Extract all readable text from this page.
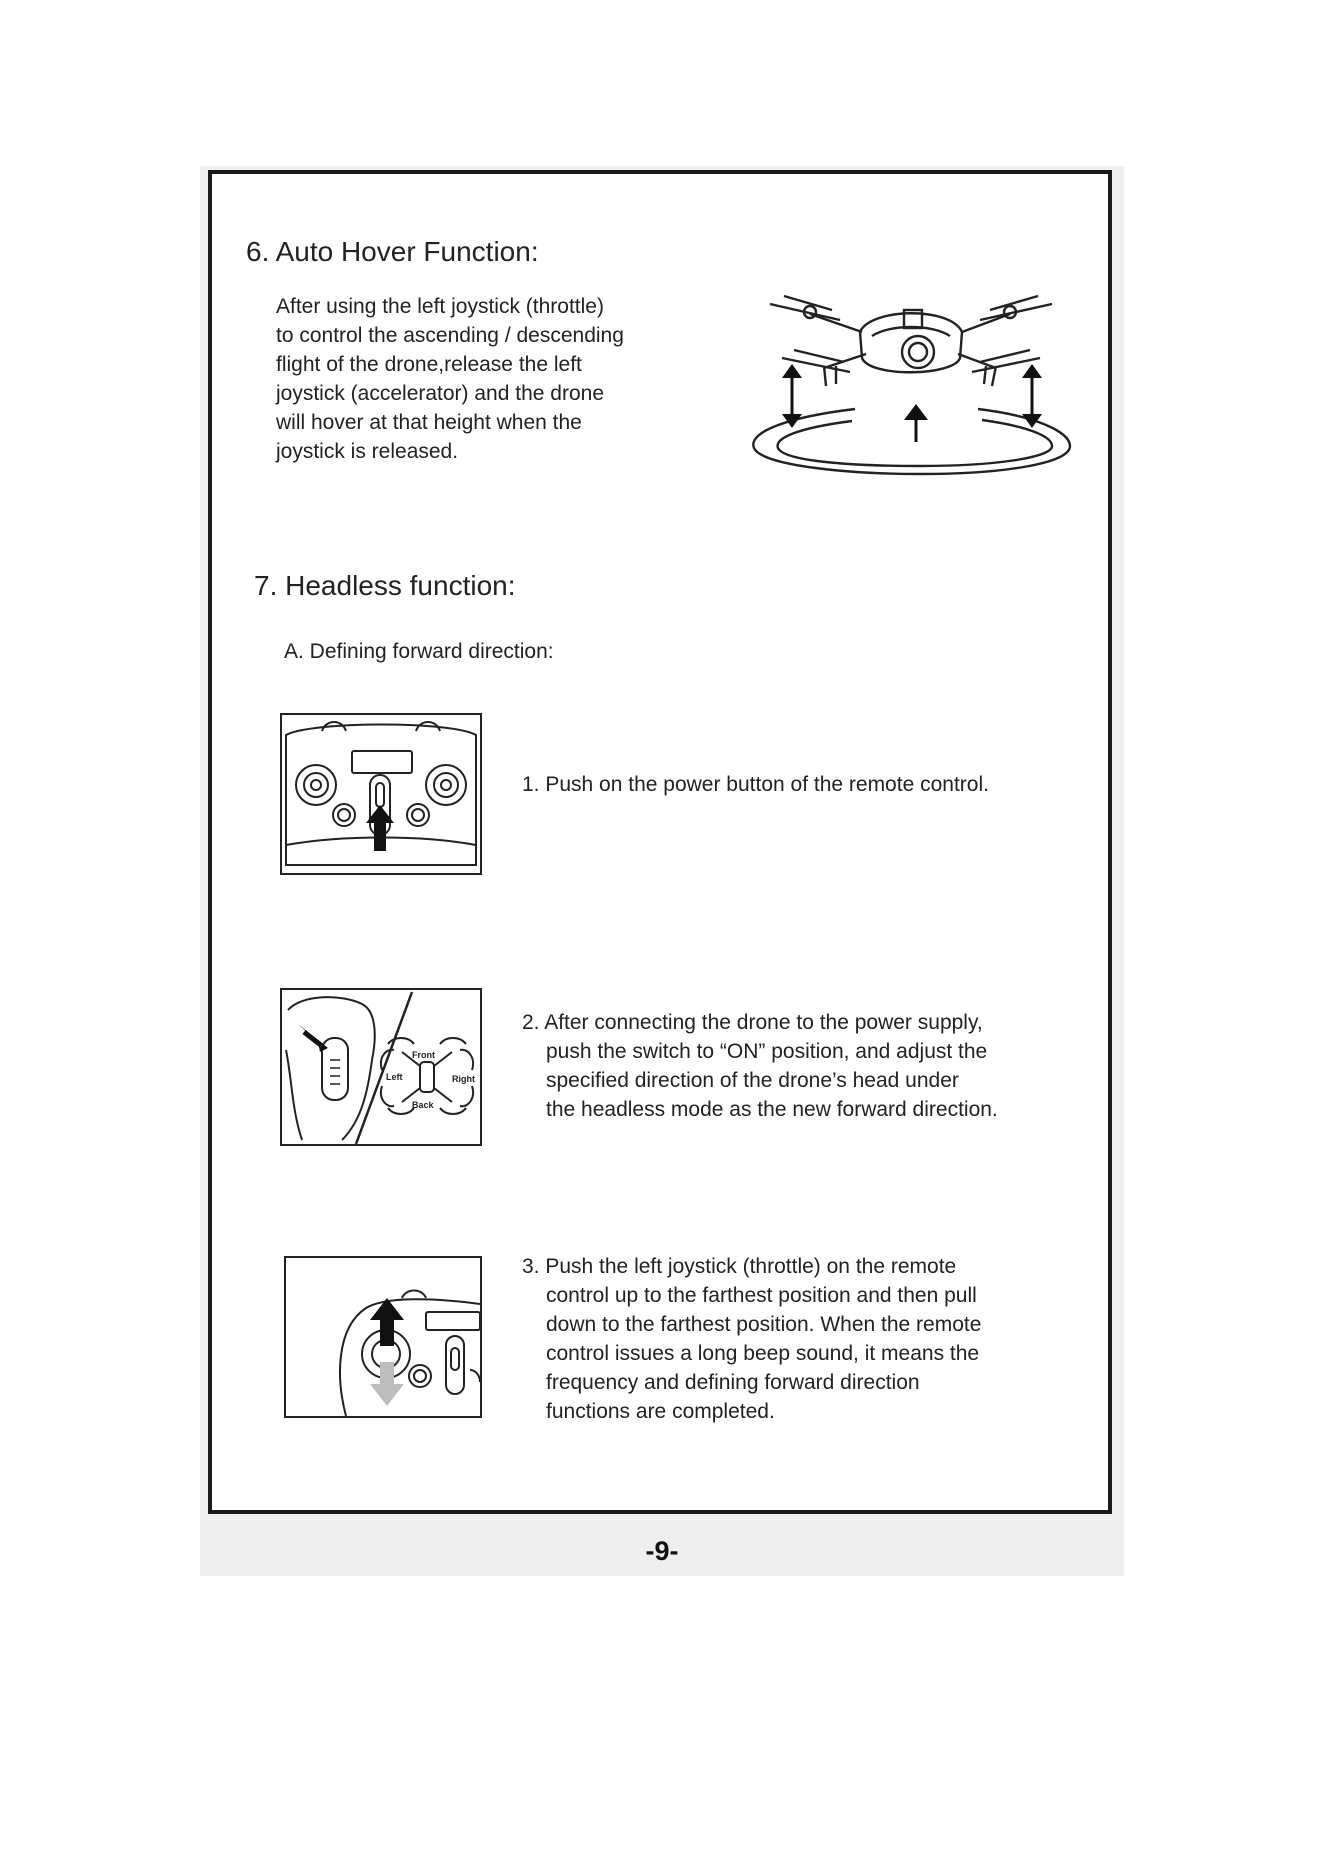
6. Auto Hover Function:
After using the left joystick (throttle)
to control the ascending / descending
flight of the drone,release the left
joystick (accelerator) and the drone
will hover at that height when the
joystick is released.
7. Headless function:
A. Defining forward direction:
1. Push on the power button of the remote control.
Front
Back
Left	Right
2. After connecting the drone to the power supply,
push the switch to “ON” position, and adjust the
specified direction of the drone’s head under
the headless mode as the new forward direction.
3. Push the left joystick (throttle) on the remote
control up to the farthest position and then pull
down to the farthest position. When the remote
control issues a long beep sound, it means the
frequency and defining forward direction
functions are completed.
-9-
